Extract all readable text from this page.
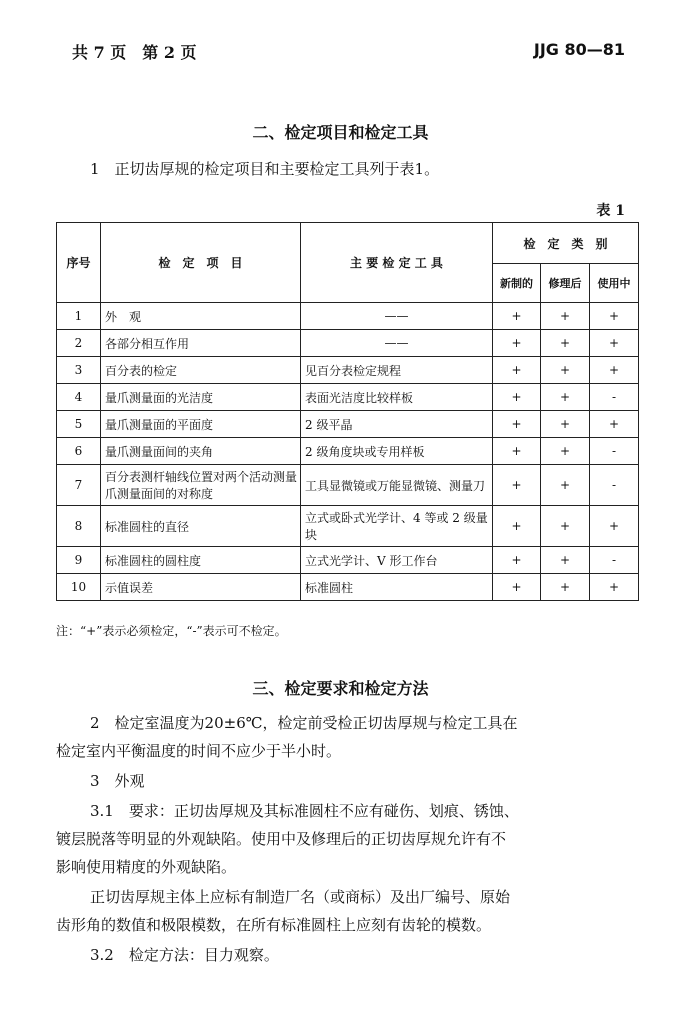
共 7 页　第 2 页	JJG 80—81
二、检定项目和检定工具
1　正切齿厚规的检定项目和主要检定工具列于表1。
表 1
序号	检　定　项　目	主 要 检 定 工 具	检　定　类　别		
			新制的	修理后	使用中
1	外　观	——	+	+	+
2	各部分相互作用	——	+	+	+
3	百分表的检定	见百分表检定规程	+	+	+
4	量爪测量面的光洁度	表面光洁度比较样板	+	+	-
5	量爪测量面的平面度	2 级平晶	+	+	+
6	量爪测量面间的夹角	2 级角度块或专用样板	+	+	-
7	百分表测杆轴线位置对两个活动测量爪测量面间的对称度	工具显微镜或万能显微镜、测量刀	+	+	-
8	标准圆柱的直径	立式或卧式光学计、4 等或 2 级量块	+	+	+
9	标准圆柱的圆柱度	立式光学计、V 形工作台	+	+	-
10	示值误差	标准圆柱	+	+	+
注：“+”表示必须检定，“-”表示可不检定。
三、检定要求和检定方法
2　检定室温度为20±6℃，检定前受检正切齿厚规与检定工具在
检定室内平衡温度的时间不应少于半小时。
3　外观
3.1　要求：正切齿厚规及其标准圆柱不应有碰伤、划痕、锈蚀、
镀层脱落等明显的外观缺陷。使用中及修理后的正切齿厚规允许有不
影响使用精度的外观缺陷。
正切齿厚规主体上应标有制造厂名（或商标）及出厂编号、原始
齿形角的数值和极限模数，在所有标准圆柱上应刻有齿轮的模数。
3.2　检定方法：目力观察。
